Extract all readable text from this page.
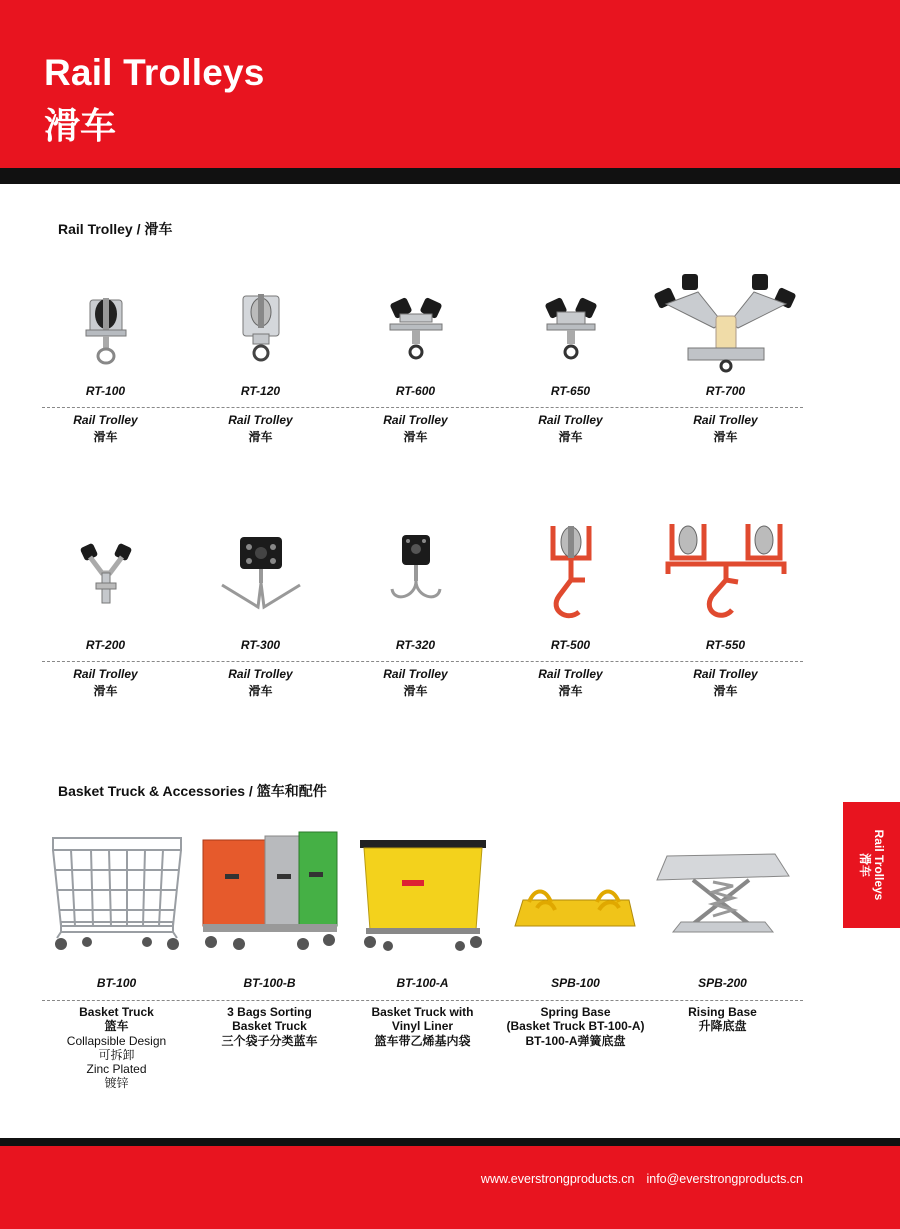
Rail Trolleys
滑车
Rail Trolley / 滑车
RT-100
Rail Trolley
滑车
RT-120
Rail Trolley
滑车
RT-600
Rail Trolley
滑车
RT-650
Rail Trolley
滑车
RT-700
Rail Trolley
滑车
RT-200
Rail Trolley
滑车
RT-300
Rail Trolley
滑车
RT-320
Rail Trolley
滑车
RT-500
Rail Trolley
滑车
RT-550
Rail Trolley
滑车
Basket Truck & Accessories / 篮车和配件
BT-100
Basket Truck
篮车
Collapsible Design
可拆卸
Zinc Plated
镀锌
BT-100-B
3 Bags Sorting
Basket Truck
三个袋子分类蓝车
BT-100-A
Basket Truck with
Vinyl Liner
篮车带乙烯基内袋
SPB-100
Spring Base
(Basket Truck BT-100-A)
BT-100-A弹簧底盘
SPB-200
Rising Base
升降底盘
Rail Trolleys
滑车
www.everstrongproducts.cn info@everstrongproducts.cn
